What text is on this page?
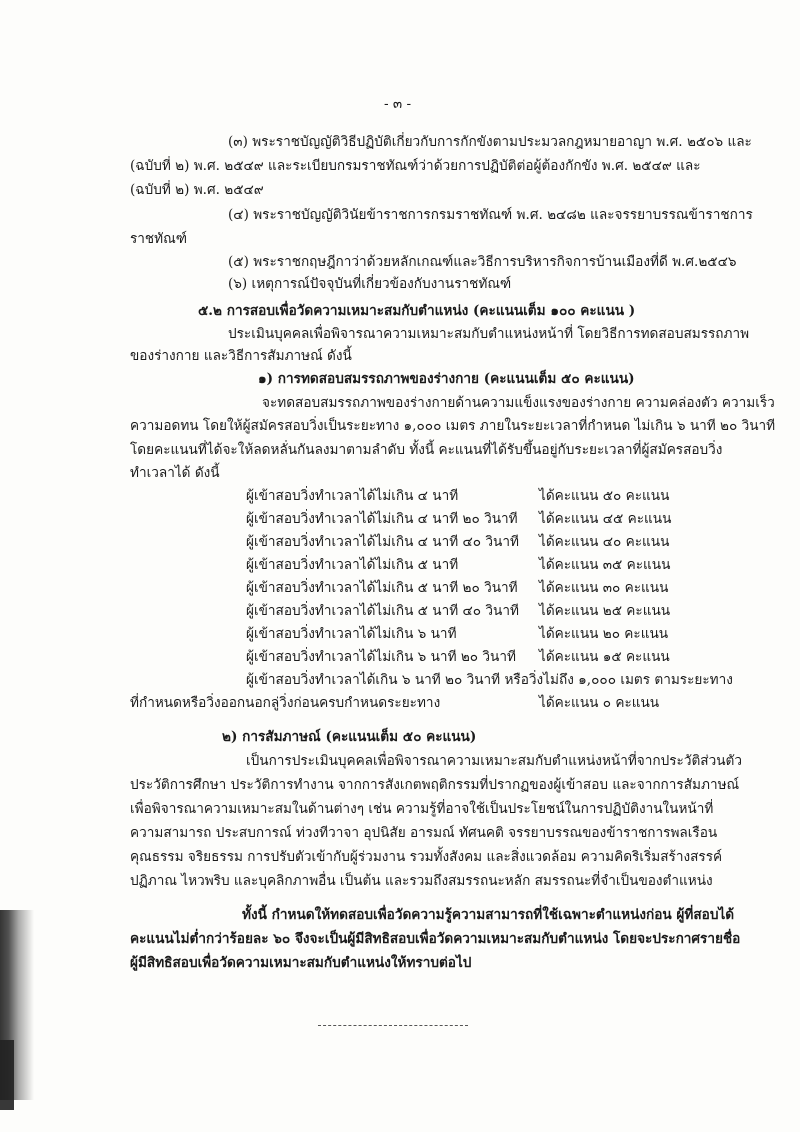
- ๓ -
(๓) พระราชบัญญัติวิธีปฏิบัติเกี่ยวกับการกักขังตามประมวลกฎหมายอาญา พ.ศ. ๒๕๐๖ และ
(ฉบับที่ ๒) พ.ศ. ๒๕๔๙ และระเบียบกรมราชทัณฑ์ว่าด้วยการปฏิบัติต่อผู้ต้องกักขัง พ.ศ. ๒๕๔๙ และ
(ฉบับที่ ๒) พ.ศ. ๒๕๔๙
(๔) พระราชบัญญัติวินัยข้าราชการกรมราชทัณฑ์ พ.ศ. ๒๔๘๒ และจรรยาบรรณข้าราชการ
ราชทัณฑ์
(๕) พระราชกฤษฎีกาว่าด้วยหลักเกณฑ์และวิธีการบริหารกิจการบ้านเมืองที่ดี พ.ศ.๒๕๔๖
(๖) เหตุการณ์ปัจจุบันที่เกี่ยวข้องกับงานราชทัณฑ์
๕.๒ การสอบเพื่อวัดความเหมาะสมกับตำแหน่ง (คะแนนเต็ม ๑๐๐ คะแนน )
ประเมินบุคคลเพื่อพิจารณาความเหมาะสมกับตำแหน่งหน้าที่ โดยวิธีการทดสอบสมรรถภาพ
ของร่างกาย และวิธีการสัมภาษณ์ ดังนี้
๑) การทดสอบสมรรถภาพของร่างกาย (คะแนนเต็ม ๕๐ คะแนน)
จะทดสอบสมรรถภาพของร่างกายด้านความแข็งแรงของร่างกาย ความคล่องตัว ความเร็ว
ความอดทน โดยให้ผู้สมัครสอบวิ่งเป็นระยะทาง ๑,๐๐๐ เมตร ภายในระยะเวลาที่กำหนด ไม่เกิน ๖ นาที ๒๐ วินาที
โดยคะแนนที่ได้จะให้ลดหลั่นกันลงมาตามลำดับ ทั้งนี้ คะแนนที่ได้รับขึ้นอยู่กับระยะเวลาที่ผู้สมัครสอบวิ่ง
ทำเวลาได้ ดังนี้
ผู้เข้าสอบวิ่งทำเวลาได้ไม่เกิน ๔ นาที	ได้คะแนน ๕๐ คะแนน
ผู้เข้าสอบวิ่งทำเวลาได้ไม่เกิน ๔ นาที ๒๐ วินาที ได้คะแนน ๔๕ คะแนน
ผู้เข้าสอบวิ่งทำเวลาได้ไม่เกิน ๔ นาที ๔๐ วินาที ได้คะแนน ๔๐ คะแนน
ผู้เข้าสอบวิ่งทำเวลาได้ไม่เกิน ๕ นาที	ได้คะแนน ๓๕ คะแนน
ผู้เข้าสอบวิ่งทำเวลาได้ไม่เกิน ๕ นาที ๒๐ วินาที ได้คะแนน ๓๐ คะแนน
ผู้เข้าสอบวิ่งทำเวลาได้ไม่เกิน ๕ นาที ๔๐ วินาที ได้คะแนน ๒๕ คะแนน
ผู้เข้าสอบวิ่งทำเวลาได้ไม่เกิน ๖ นาที	ได้คะแนน ๒๐ คะแนน
ผู้เข้าสอบวิ่งทำเวลาได้ไม่เกิน ๖ นาที ๒๐ วินาที ได้คะแนน ๑๕ คะแนน
ผู้เข้าสอบวิ่งทำเวลาได้เกิน ๖ นาที ๒๐ วินาที หรือวิ่งไม่ถึง ๑,๐๐๐ เมตร ตามระยะทาง
ที่กำหนดหรือวิ่งออกนอกลู่วิ่งก่อนครบกำหนดระยะทาง	ได้คะแนน ๐ คะแนน
๒) การสัมภาษณ์ (คะแนนเต็ม ๕๐ คะแนน)
เป็นการประเมินบุคคลเพื่อพิจารณาความเหมาะสมกับตำแหน่งหน้าที่จากประวัติส่วนตัว
ประวัติการศึกษา ประวัติการทำงาน จากการสังเกตพฤติกรรมที่ปรากฏของผู้เข้าสอบ และจากการสัมภาษณ์
เพื่อพิจารณาความเหมาะสมในด้านต่างๆ เช่น ความรู้ที่อาจใช้เป็นประโยชน์ในการปฏิบัติงานในหน้าที่
ความสามารถ ประสบการณ์ ท่วงทีวาจา อุปนิสัย อารมณ์ ทัศนคติ จรรยาบรรณของข้าราชการพลเรือน
คุณธรรม จริยธรรม การปรับตัวเข้ากับผู้ร่วมงาน รวมทั้งสังคม และสิ่งแวดล้อม ความคิดริเริ่มสร้างสรรค์
ปฏิภาณ ไหวพริบ และบุคลิกภาพอื่น เป็นต้น และรวมถึงสมรรถนะหลัก สมรรถนะที่จำเป็นของตำแหน่ง
ทั้งนี้ กำหนดให้ทดสอบเพื่อวัดความรู้ความสามารถที่ใช้เฉพาะตำแหน่งก่อน ผู้ที่สอบได้
คะแนนไม่ต่ำกว่าร้อยละ ๖๐ จึงจะเป็นผู้มีสิทธิสอบเพื่อวัดความเหมาะสมกับตำแหน่ง โดยจะประกาศรายชื่อ
ผู้มีสิทธิสอบเพื่อวัดความเหมาะสมกับตำแหน่งให้ทราบต่อไป
